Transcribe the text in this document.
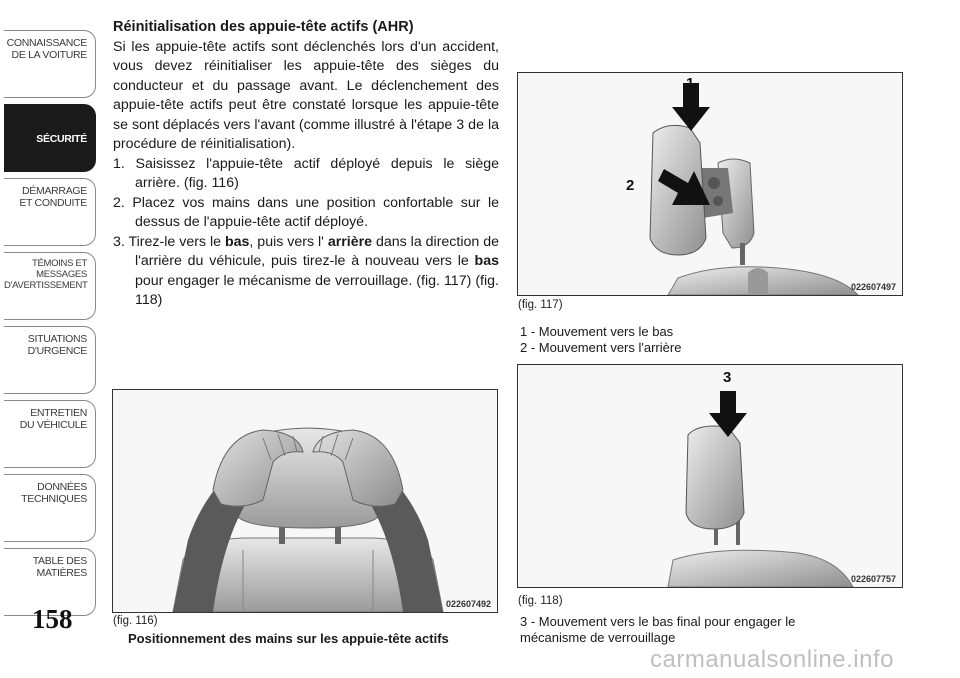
CONNAISSANCE
DE LA VOITURE
SÉCURITÉ
DÉMARRAGE
ET CONDUITE
TÉMOINS ET
MESSAGES
D'AVERTISSEMENT
SITUATIONS
D'URGENCE
ENTRETIEN
DU VÉHICULE
DONNÉES
TECHNIQUES
TABLE DES
MATIÈRES
158
Réinitialisation des appuie-tête actifs (AHR)

Si les appuie-tête actifs sont déclenchés lors d'un accident, vous devez réinitialiser les appuie-tête des sièges du conducteur et du passage avant. Le déclenchement des appuie-tête actifs peut être constaté lorsque les appuie-tête se sont déplacés vers l'avant (comme illustré à l'étape 3 de la procédure de réinitialisation).

1. Saisissez l'appuie-tête actif déployé depuis le siège arrière. (fig. 116)
2. Placez vos mains dans une position confortable sur le dessus de l'appuie-tête actif déployé.
3. Tirez-le vers le bas, puis vers l' arrière dans la direction de l'arrière du véhicule, puis tirez-le à nouveau vers le bas pour engager le mécanisme de verrouillage. (fig. 117) (fig. 118)
022607492
(fig. 116)
Positionnement des mains sur les appuie-tête actifs
1
2
022607497
(fig. 117)
1 - Mouvement vers le bas
2 - Mouvement vers l'arrière
3
022607757
(fig. 118)
3 - Mouvement vers le bas final pour engager le
mécanisme de verrouillage
carmanualsonline.info
